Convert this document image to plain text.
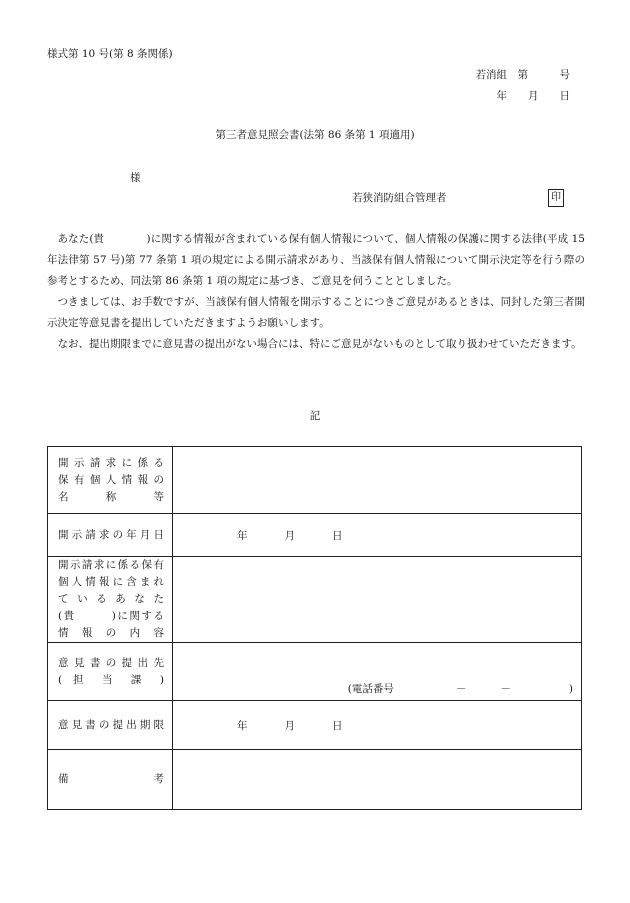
様式第 10 号(第 8 条関係)
若消組　第　　　号
年　　月　　日
第三者意見照会書(法第 86 条第 1 項適用)
様
若狭消防組合管理者	印

あなた(貴　　　　)に関する情報が含まれている保有個人情報について、個人情報の保護に関する法律(平成 15 年法律第 57 号)第 77 条第 1 項の規定による開示請求があり、当該保有個人情報について開示決定等を行う際の参考とするため、同法第 86 条第 1 項の規定に基づき、ご意見を伺うこととしました。

つきましては、お手数ですが、当該保有個人情報を開示することにつきご意見があるときは、同封した第三者開示決定等意見書を提出していただきますようお願いします。

なお、提出期限までに意見書の提出がない場合には、特にご意見がないものとして取り扱わせていただきます。

記
開示請求に係る
保有個人情報の
名　　称　　等	

開示請求の年月日	年 月 日

開示請求に係る保有
個人情報に含まれ
ているあなた
(貴　　　)に関する
情報の内容	

意見書の提出先
( 担 当 課 )	(電話番号 － － )

意見書の提出期限	年 月 日

備　　　　　　　考	
